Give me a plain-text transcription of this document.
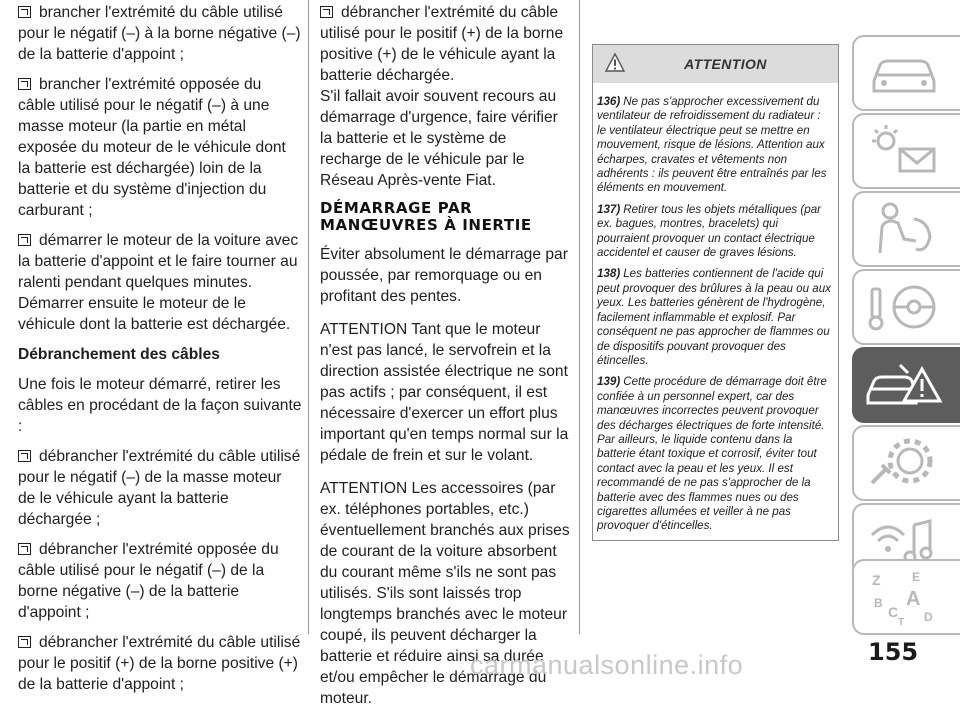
brancher l'extrémité du câble utilisé pour le négatif (–) à la borne négative (–) de la batterie d'appoint ;

brancher l'extrémité opposée du câble utilisé pour le négatif (–) à une masse moteur (la partie en métal exposée du moteur de le véhicule dont la batterie est déchargée) loin de la batterie et du système d'injection du carburant ;

démarrer le moteur de la voiture avec la batterie d'appoint et le faire tourner au ralenti pendant quelques minutes. Démarrer ensuite le moteur de le véhicule dont la batterie est déchargée.

Débranchement des câbles

Une fois le moteur démarré, retirer les câbles en procédant de la façon suivante :

débrancher l'extrémité du câble utilisé pour le négatif (–) de la masse moteur de le véhicule ayant la batterie déchargée ;

débrancher l'extrémité opposée du câble utilisé pour le négatif (–) de la borne négative (–) de la batterie d'appoint ;

débrancher l'extrémité du câble utilisé pour le positif (+) de la borne positive (+) de la batterie d'appoint ;

débrancher l'extrémité du câble utilisé pour le positif (+) de la borne positive (+) de le véhicule ayant la batterie déchargée.

S'il fallait avoir souvent recours au démarrage d'urgence, faire vérifier la batterie et le système de recharge de le véhicule par le Réseau Après-vente Fiat.

DÉMARRAGE PAR MANŒUVRES À INERTIE

Éviter absolument le démarrage par poussée, par remorquage ou en profitant des pentes.

ATTENTION Tant que le moteur n'est pas lancé, le servofrein et la direction assistée électrique ne sont pas actifs ; par conséquent, il est nécessaire d'exercer un effort plus important qu'en temps normal sur la pédale de frein et sur le volant.

ATTENTION Les accessoires (par ex. téléphones portables, etc.) éventuellement branchés aux prises de courant de la voiture absorbent du courant même s'ils ne sont pas utilisés. S'ils sont laissés trop longtemps branchés avec le moteur coupé, ils peuvent décharger la batterie et réduire ainsi sa durée et/ou empêcher le démarrage du moteur.

ATTENTION

136) Ne pas s'approcher excessivement du ventilateur de refroidissement du radiateur : le ventilateur électrique peut se mettre en mouvement, risque de lésions. Attention aux écharpes, cravates et vêtements non adhérents : ils peuvent être entraînés par les éléments en mouvement.

137) Retirer tous les objets métalliques (par ex. bagues, montres, bracelets) qui pourraient provoquer un contact électrique accidentel et causer de graves lésions.

138) Les batteries contiennent de l'acide qui peut provoquer des brûlures à la peau ou aux yeux. Les batteries génèrent de l'hydrogène, facilement inflammable et explosif. Par conséquent ne pas approcher de flammes ou de dispositifs pouvant provoquer des étincelles.

139) Cette procédure de démarrage doit être confiée à un personnel expert, car des manœuvres incorrectes peuvent provoquer des décharges électriques de forte intensité. Par ailleurs, le liquide contenu dans la batterie étant toxique et corrosif, éviter tout contact avec la peau et les yeux. Il est recommandé de ne pas s'approcher de la batterie avec des flammes nues ou des cigarettes allumées et veiller à ne pas provoquer d'étincelles.

Z	E
B A
C
T D
155
carmanualsonline.info
